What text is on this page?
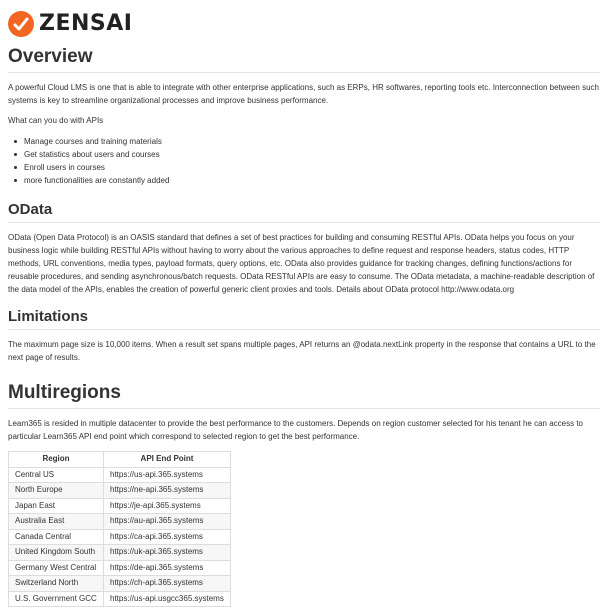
ZENSAI
Overview

A powerful Cloud LMS is one that is able to integrate with other enterprise applications, such as ERPs, HR softwares, reporting tools etc. Interconnection between such systems is key to streamline organizational processes and improve business performance.

What can you do with APIs

Manage courses and training materials
Get statistics about users and courses
Enroll users in courses
more functionalities are constantly added
OData

OData (Open Data Protocol) is an OASIS standard that defines a set of best practices for building and consuming RESTful APIs. OData helps you focus on your business logic while building RESTful APIs without having to worry about the various approaches to define request and response headers, status codes, HTTP methods, URL conventions, media types, payload formats, query options, etc. OData also provides guidance for tracking changes, defining functions/actions for reusable procedures, and sending asynchronous/batch requests. OData RESTful APIs are easy to consume. The OData metadata, a machine-readable description of the data model of the APIs, enables the creation of powerful generic client proxies and tools. Details about OData protocol http://www.odata.org

Limitations

The maximum page size is 10,000 items. When a result set spans multiple pages, API returns an @odata.nextLink property in the response that contains a URL to the next page of results.

Multiregions

Learn365 is resided in multiple datacenter to provide the best performance to the customers. Depends on region customer selected for his tenant he can access to particular Learn365 API end point which correspond to selected region to get the best performance.

Region	API End Point
Central US	https://us-api.365.systems
North Europe	https://ne-api.365.systems
Japan East	https://je-api.365.systems
Australia East	https://au-api.365.systems
Canada Central	https://ca-api.365.systems
United Kingdom South	https://uk-api.365.systems
Germany West Central	https://de-api.365.systems
Switzerland North	https://ch-api.365.systems
U.S. Government GCC	https://us-api.usgcc365.systems
